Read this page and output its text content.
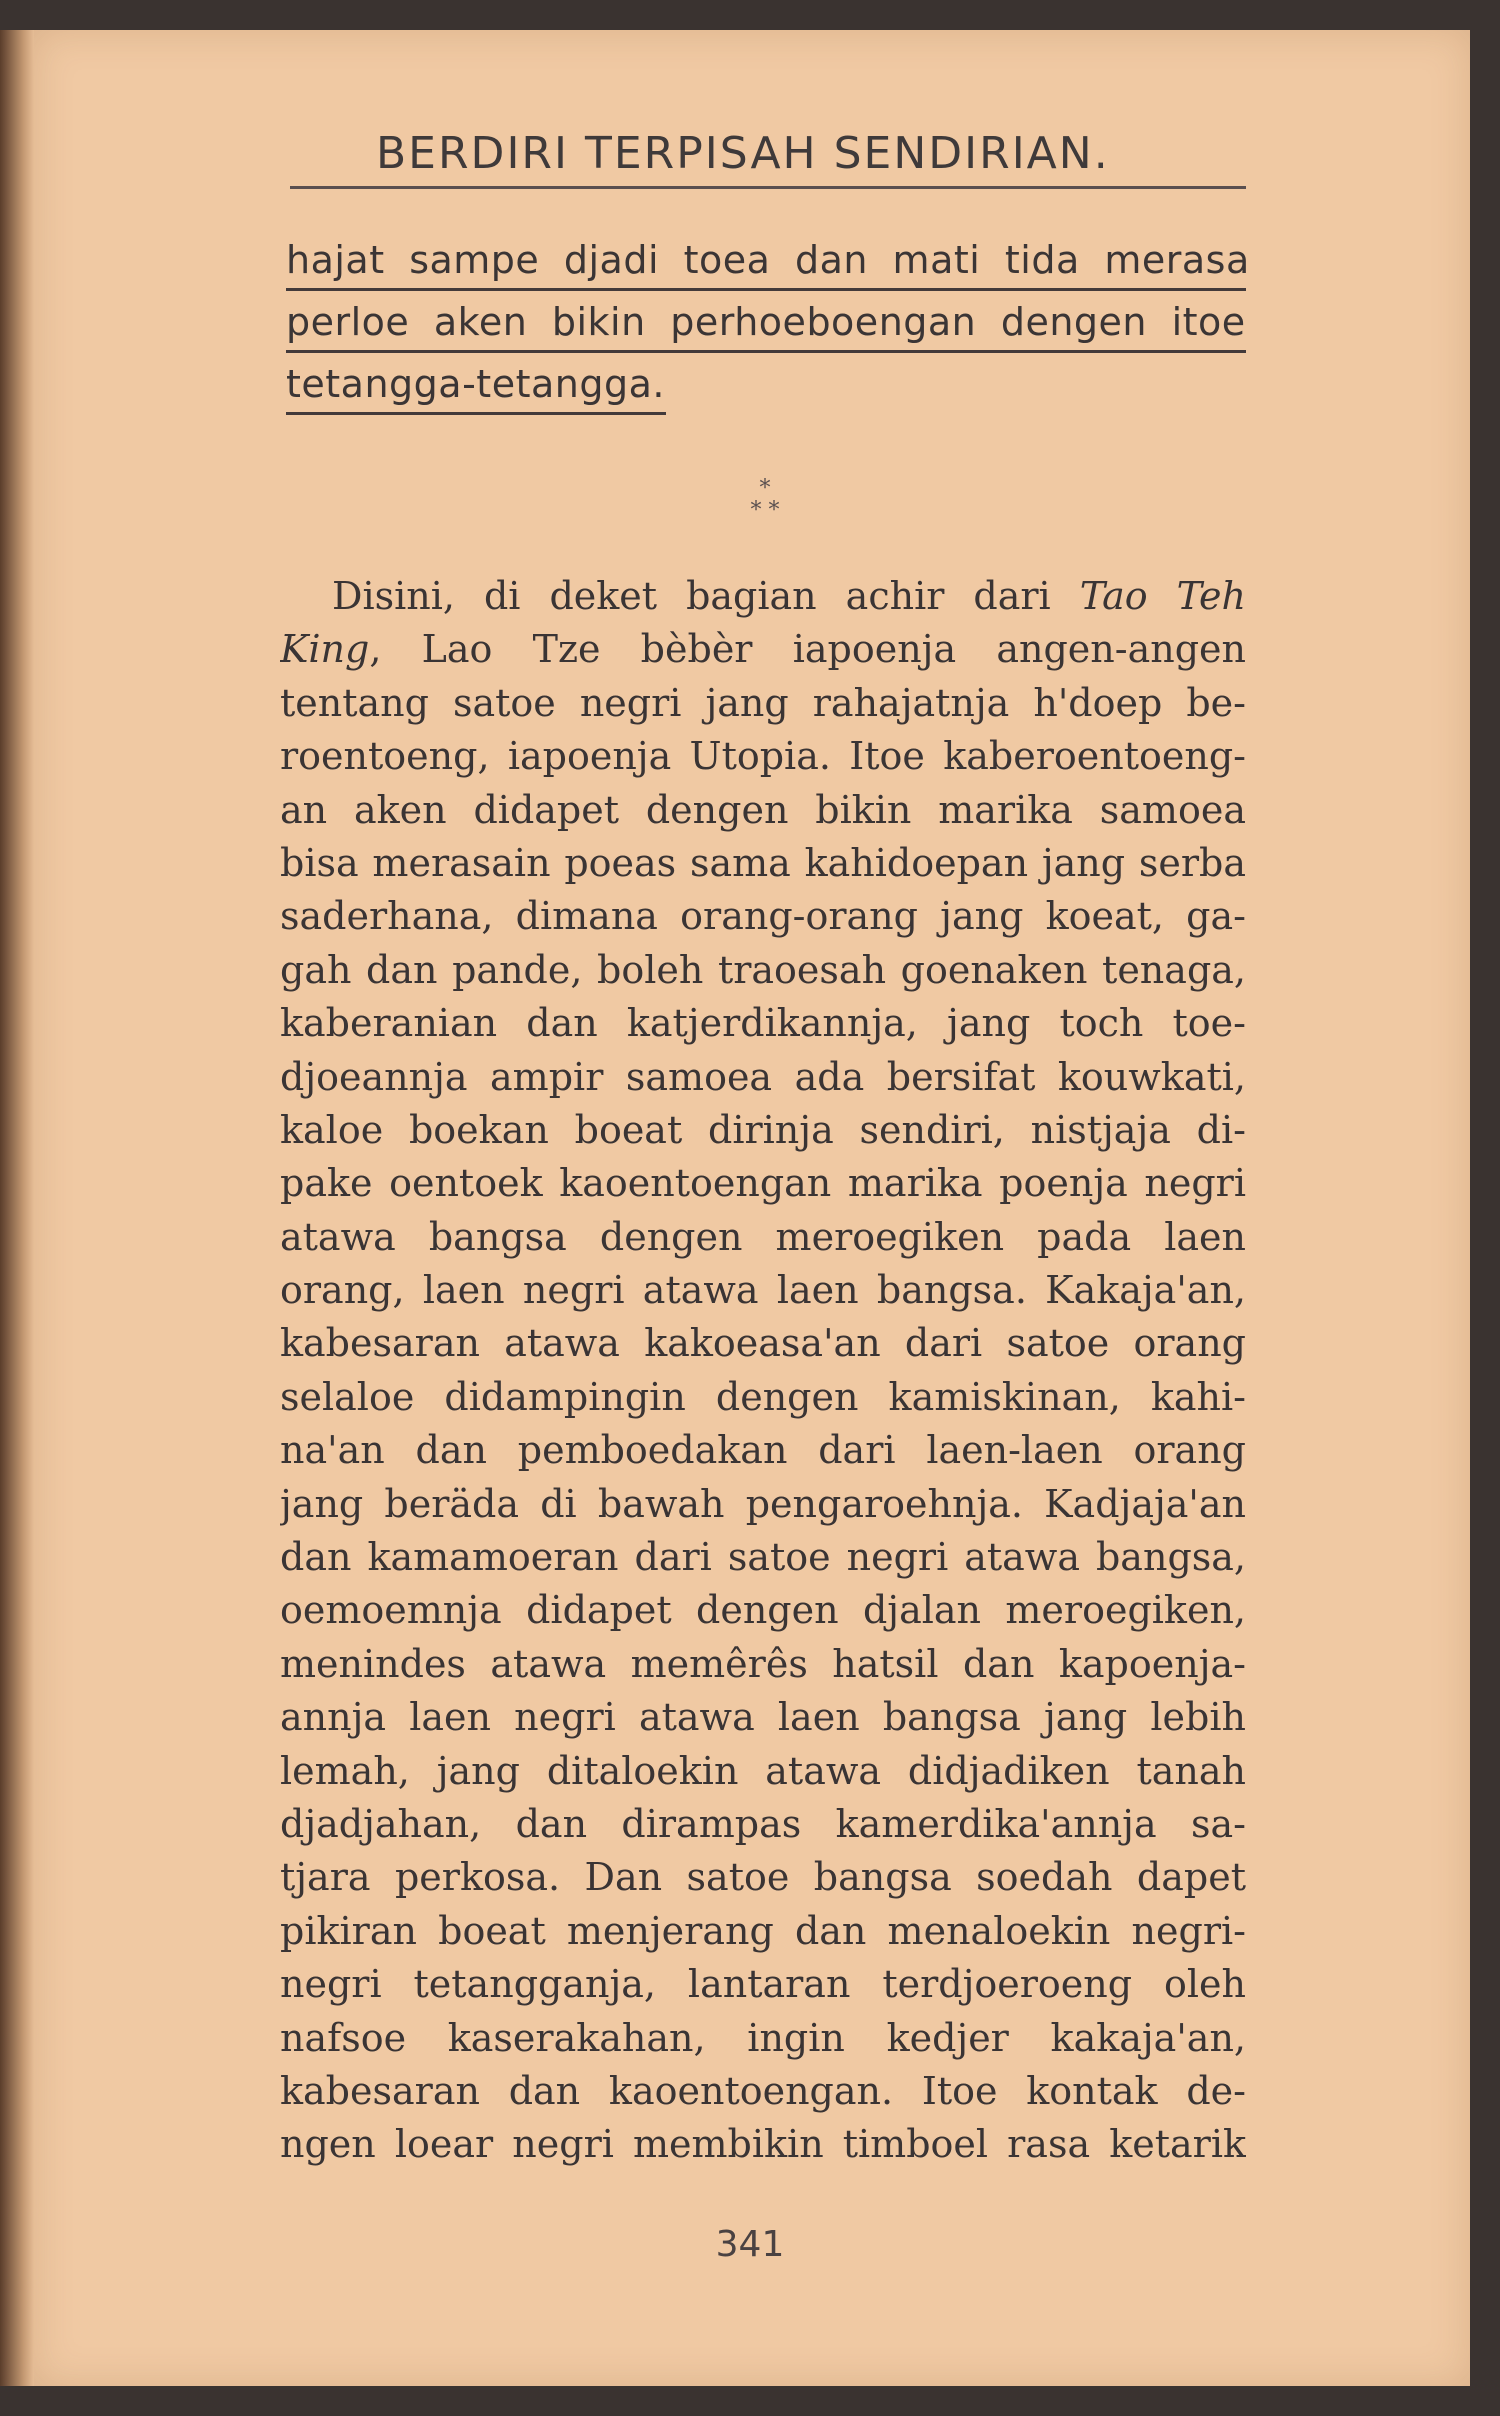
BERDIRI TERPISAH SENDIRIAN.
hajat sampe djadi toea dan mati tida merasa
perloe aken bikin perhoeboengan dengen itoe
tetangga-tetangga.
*
* *
Disini, di deket bagian achir dari Tao Teh
King, Lao Tze bèbèr iapoenja angen-angen
tentang satoe negri jang rahajatnja h'doep be-
roentoeng, iapoenja Utopia. Itoe kaberoentoeng-
an aken didapet dengen bikin marika samoea
bisa merasain poeas sama kahidoepan jang serba
saderhana, dimana orang-orang jang koeat, ga-
gah dan pande, boleh traoesah goenaken tenaga,
kaberanian dan katjerdikannja, jang toch toe-
djoeannja ampir samoea ada bersifat kouwkati,
kaloe boekan boeat dirinja sendiri, nistjaja di-
pake oentoek kaoentoengan marika poenja negri
atawa bangsa dengen meroegiken pada laen
orang, laen negri atawa laen bangsa. Kakaja'an,
kabesaran atawa kakoeasa'an dari satoe orang
selaloe didampingin dengen kamiskinan, kahi-
na'an dan pemboedakan dari laen-laen orang
jang beräda di bawah pengaroehnja. Kadjaja'an
dan kamamoeran dari satoe negri atawa bangsa,
oemoemnja didapet dengen djalan meroegiken,
menindes atawa memêrês hatsil dan kapoenja-
annja laen negri atawa laen bangsa jang lebih
lemah, jang ditaloekin atawa didjadiken tanah
djadjahan, dan dirampas kamerdika'annja sa-
tjara perkosa. Dan satoe bangsa soedah dapet
pikiran boeat menjerang dan menaloekin negri-
negri tetangganja, lantaran terdjoeroeng oleh
nafsoe kaserakahan, ingin kedjer kakaja'an,
kabesaran dan kaoentoengan. Itoe kontak de-
ngen loear negri membikin timboel rasa ketarik
341
